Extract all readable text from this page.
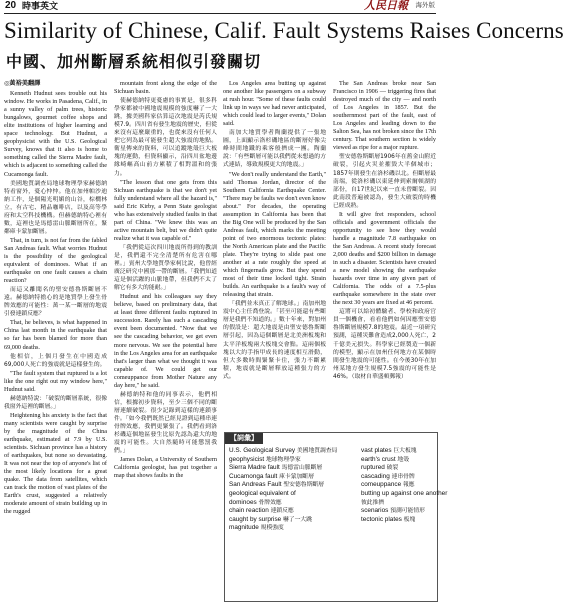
20 時事英文	人民日報 海外版
Similarity of Chinese, Calif. Fault Systems Raises Concerns
中國、加州斷層系統相似引發關切

◎黃裕美翻譯

Kenneth Hudnut sees trouble out his window. He works in Pasadena, Calif., in a sunny valley of palm trees, historic bungalows, gourmet coffee shops and elite institutions of higher learning and space technology. But Hudnut, a geophysicist with the U.S. Geological Survey, knows that it also is home to something called the Sierra Madre fault, which is adjacent to something called the Cucamonga fault.

美國地質調查局地球物理學家赫德納特看窗外，憂心忡忡。他在加州帕沙迪納工作，是個陽光明媚的山谷，棕櫚林立，有古宅、精品咖啡店，以及高等學府和太空科技機構。但赫德納特心裡有數，這裡也是馬德雷山脈斷層所在，緊鄰庫卡蒙加斷層。

That, in turn, is not far from the fabled San Andreas fault. What worries Hudnut is the possibility of the geological equivalent of dominoes. What if an earthquake on one fault causes a chain reaction?

而這又離聞名的聖安德魯斯斷層不遠。赫德納特擔心的是地質學上發生骨牌效應的可能性：萬一某一斷層的地震引發連鎖反應？

That, he believes, is what happened in China last month in the earthquake that so far has been blamed for more than 69,000 deaths.

他相信，上個月發生在中國造成69,000人死亡的強震就是這樣發生的。

"The fault system that ruptured is a lot like the one right out my window here," Hudnut said.

赫德納特說：「破裂的斷層系統，很像我窗外這裡的斷層。」

Heightening his anxiety is the fact that many scientists were caught by surprise by the magnitude of the China earthquake, estimated at 7.9 by U.S. scientists. Sichuan province has a history of earthquakes, but none so devastating. It was not near the top of anyone's list of the most likely locations for a great quake. The data from satellites, which can track the motion of vast plates of the Earth's crust, suggested a relatively moderate amount of strain building up in the rugged

mountain front along the edge of the Sichuan basin.

使赫德納特更憂慮的事實是，很多科學家都被中國地震規模的強度嚇了一大跳，據美國科家估算這次地震是芮氏規模7.9。四川省有發生地震的歷史，但從來沒有這麼嚴重的，也從來沒有任何人把它列為最可能發生超大強震的地點。衛星傳來的資料，可以追蹤地殼巨大板塊的運動，但資料顯示，沿四川盆地邊緣崎嶇高山前方累積了相對溫和的張力。

"The lesson that one gets from this Sichuan earthquake is that we don't yet fully understand where all the hazard is," said Eric Kirby, a Penn State geologist who has extensively studied faults in that part of China. "We knew this was an active mountain belt, but we didn't quite realize what it was capable of."

「我們從這次四川地震所得到的教訓是，我們還不完全清楚所有危害在哪裡。」賓州大學地質學家柯比說，他曾經廣泛研究中國那一帶的斷層。「我們知道這是個活躍的山脈地帶，但我們不太了解它有多大的能耐。」

Hudnut and his colleagues say they believe, based on preliminary data, that at least three different faults ruptured in succession. Rarely has such a cascading event been documented. "Now that we see the cascading behavior, we get even more nervous. We see the potential here in the Los Angeles area for an earthquake that's larger than what we thought it was capable of. We could get our comeuppance from Mother Nature any day here," he said.

赫德納特和他的同事表示，他們相信，根據初步資料，至少三個不同的斷層連續破裂。很少記錄到這樣的連鎖事件。「如今我們既然已經見證到這種串連骨牌效應，我們更緊張了。我們看到洛杉磯這個地區發生比原先認為還大的地震的可能性。大自然隨時可能懲罰我們。」

James Dolan, a University of Southern California geologist, has put together a map that shows faults in the

Los Angeles area butting up against one another like passengers on a subway at rush hour. "Some of these faults could link up in ways we had never anticipated, which could lead to larger events," Dolan said.

南加大地質學者陶蘭提供了一張地圖，上面顯示洛杉磯地區的斷層好像尖峰時間地鐵的乘客般擠成一團。陶蘭說：「有些斷層可能以我們從未想過的方式連結，導致規模更大的地震。」

"We don't really understand the Earth," said Thomas Jordan, director of the Southern California Earthquake Center. "There may be faults we don't even know about." For decades, the operating assumption in California has been that the Big One will be produced by the San Andreas fault, which marks the meeting point of two enormous tectonic plates: the North American plate and the Pacific plate. They're trying to slide past one another at a rate roughly the speed at which fingernails grow. But they spend most of their time locked tight. Strain builds. An earthquake is a fault's way of releasing that strain.

「我們並未真正了解地球。」南加州地震中心主任喬登說。「甚至可能還有些斷層是我們不知道的。」數十年來，對加州的假設是：超大地震是由聖安德魯斯斷層引起，因為這個斷層是北美洲板塊和太平洋板塊兩大板塊交會點。這兩個板塊以大約手指甲成長的速度相互滑動，但大多數時間緊緊卡住，張力不斷累積，地震就是斷層釋放這種張力的方式。

The San Andreas broke near San Francisco in 1906 — triggering fires that destroyed much of the city — and north of Los Angeles in 1857. But the southernmost part of the fault, east of Los Angeles and leading down to the Salton Sea, has not broken since the 17th century. That southern section is widely viewed as ripe for a major rupture.

聖安德魯斯斷層1906年在舊金山附近破裂，引起火災並摧毀大半個城市；1857年則發生在洛杉磯以北。但斷層最南端，從洛杉磯以東延伸到索爾頓湖的部份，自17世紀以來一直未曾斷裂。因此南段普遍被認為，發生大破裂的時機已經成熟。

It will give fret responders, school officials and government officials the opportunity to see how they would handle a magnitude 7.8 earthquake on the San Andreas. A recent study forecast 2,000 deaths and $200 billion in damage in such a disaster. Scientists have created a new model showing the earthquake hazards over time in any given part of California. The odds of a 7.5-plus earthquake somewhere in the state over the next 30 years are fixed at 46 percent.

這將可以給初體驗者、學校和政府官員一個機會，看看他們如何因應聖安德魯斯斷層規模7.8的地震。最近一項研究預測，這種災難會造成2,000人死亡，2千億美元損失。科學家已經製造一個新的模型，顯示在加州任何地方在某個時間發生地震的可能性。在今後30年在加州某地方發生規模7.5強震的可能性是46%。（取材自華盛頓郵報）

【詞彙】
U.S. Geological Survey 美國地質調查局
geophysicist 地球物理學家
Sierra Madre fault 馬德雷山脈斷層
Cucamonga fault 庫卡蒙加斷層
San Andreas Fault 聖安德魯斯斷層
geological equivalent of
dominoes 骨牌效應
chain reaction 連鎖反應
caught by surprise 嚇了一大跳
magnitude 規模強度
vast plates 巨大板塊
earth's crust 地殼
ruptured 破裂
cascading 連串骨牌
comeuppance 報應
butting up against one another
彼此推擠
scenarios 預測可能情形
tectonic plates 板塊
